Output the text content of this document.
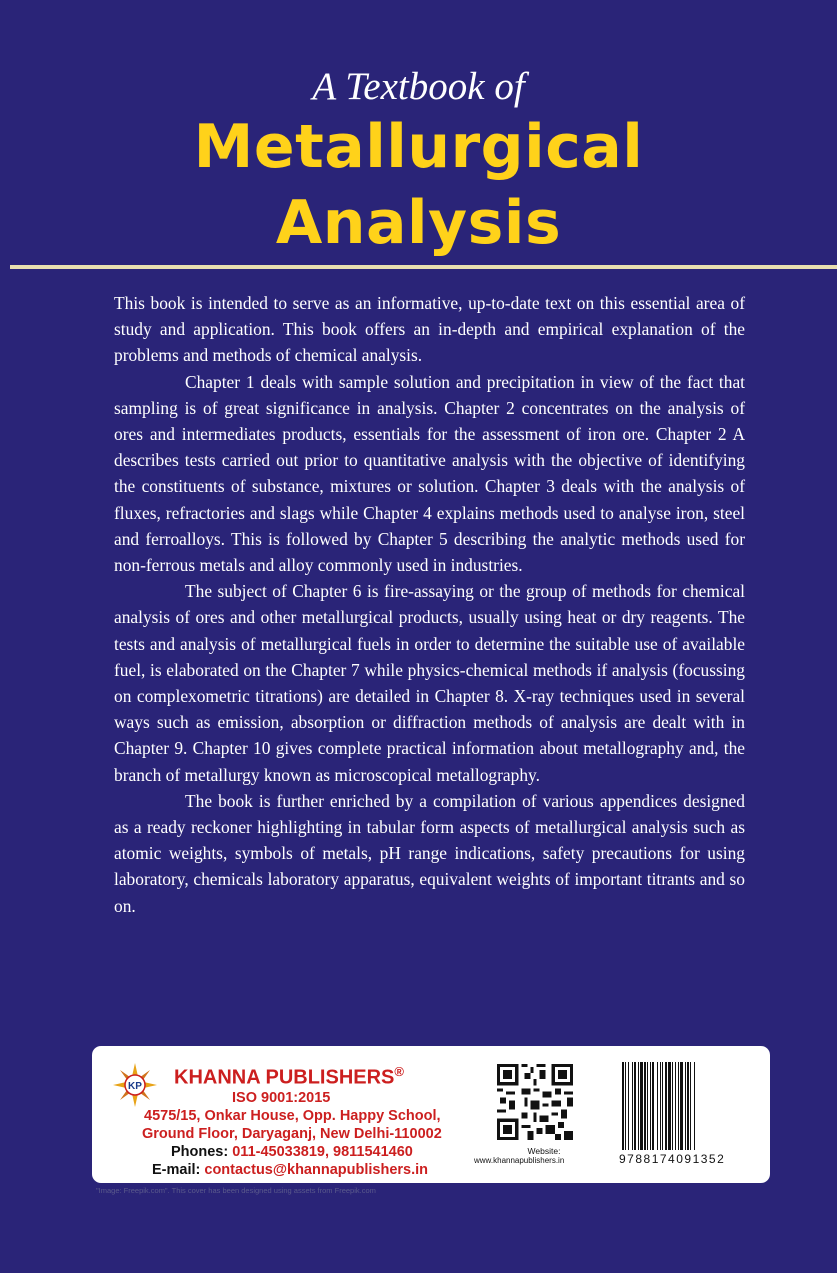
A Textbook of
Metallurgical
Analysis

This book is intended to serve as an informative, up-to-date text on this essential area of study and application. This book offers an in-depth and empirical explanation of the problems and methods of chemical analysis.

Chapter 1 deals with sample solution and precipitation in view of the fact that sampling is of great significance in analysis. Chapter 2 concentrates on the analysis of ores and intermediates products, essentials for the assessment of iron ore. Chapter 2 A describes tests carried out prior to quantitative analysis with the objective of identifying the constituents of substance, mixtures or solution. Chapter 3 deals with the analysis of fluxes, refractories and slags while Chapter 4 explains methods used to analyse iron, steel and ferroalloys. This is followed by Chapter 5 describing the analytic methods used for non-ferrous metals and alloy commonly used in industries.

The subject of Chapter 6 is fire-assaying or the group of methods for chemical analysis of ores and other metallurgical products, usually using heat or dry reagents. The tests and analysis of metallurgical fuels in order to determine the suitable use of available fuel, is elaborated on the Chapter 7 while physics-chemical methods if analysis (focussing on complexometric titrations) are detailed in Chapter 8. X-ray techniques used in several ways such as emission, absorption or diffraction methods of analysis are dealt with in Chapter 9. Chapter 10 gives complete practical information about metallography and, the branch of metallurgy known as microscopical metallography.

The book is further enriched by a compilation of various appendices designed as a ready reckoner highlighting in tabular form aspects of metallurgical analysis such as atomic weights, symbols of metals, pH range indications, safety precautions for using laboratory, chemicals laboratory apparatus, equivalent weights of important titrants and so on.

KP KHANNA PUBLISHERS®
ISO 9001:2015
4575/15, Onkar House, Opp. Happy School,
Ground Floor, Daryaganj, New Delhi-110002
Phones: 011-45033819, 9811541460
E-mail: contactus@khannapublishers.in
Website:
www.khannapublishers.in	9788174091352
"Image: Freepik.com". This cover has been designed using assets from Freepik.com
